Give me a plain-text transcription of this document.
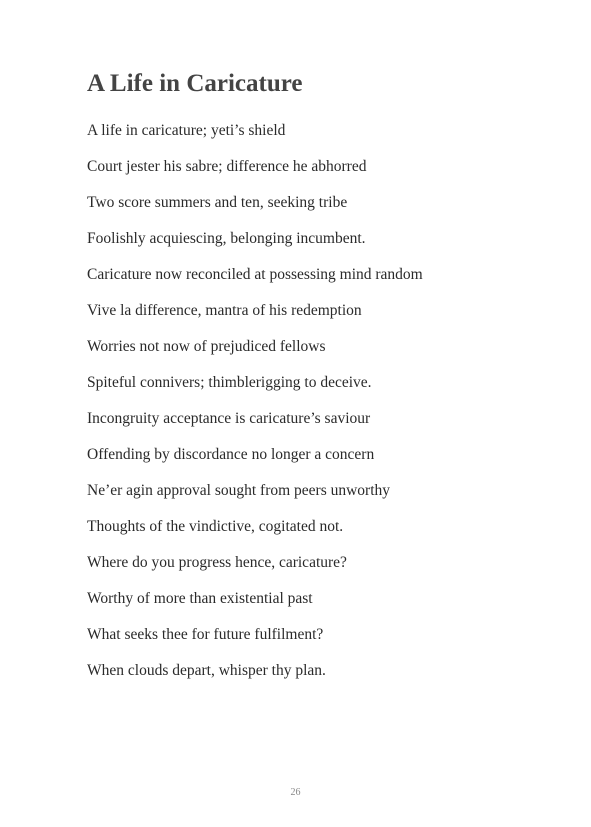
A Life in Caricature
A life in caricature; yeti’s shield
Court jester his sabre; difference he abhorred
Two score summers and ten, seeking tribe
Foolishly acquiescing, belonging incumbent.
Caricature now reconciled at possessing mind random
Vive la difference, mantra of his redemption
Worries not now of prejudiced fellows
Spiteful connivers; thimblerigging to deceive.
Incongruity acceptance is caricature’s saviour
Offending by discordance no longer a concern
Ne’er agin approval sought from peers unworthy
Thoughts of the vindictive, cogitated not.
Where do you progress hence, caricature?
Worthy of more than existential past
What seeks thee for future fulfilment?
When clouds depart, whisper thy plan.
26
